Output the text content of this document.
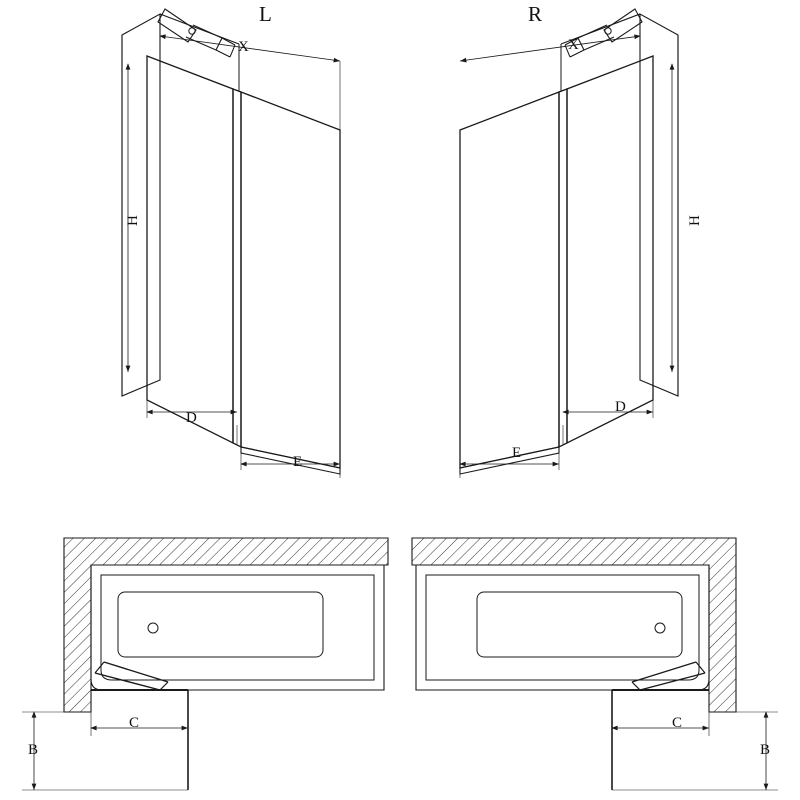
L	R
X	X
H	H
D
D
E
E
C	C
B	B
